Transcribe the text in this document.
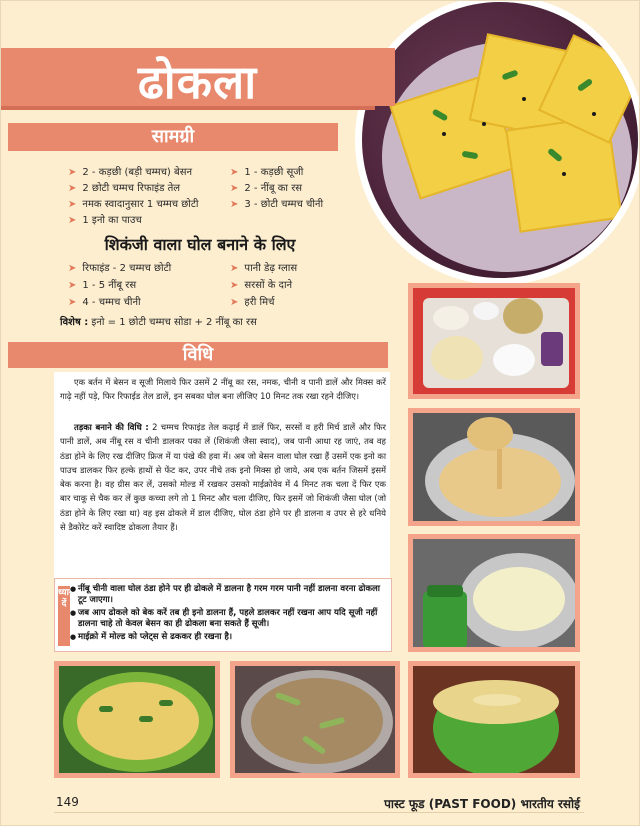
ढोकला
सामग्री
➤ 2 - कड़छी (बड़ी चम्मच) बेसन
➤ 2 छोटी चम्मच रिफाइंड तेल
➤ नमक स्वादानुसार 1 चम्मच छोटी
➤ 1 इनो का पाउच
➤ 1 - कड़छी सूजी
➤ 2 - नींबू का रस
➤ 3 - छोटी चम्मच चीनी
शिकंजी वाला घोल बनाने के लिए
➤ रिफाइंड - 2 चम्मच छोटी
➤ 1 - 5 नींबू रस
➤ 4 - चम्मच चीनी
➤ पानी डेढ़ ग्लास
➤ सरसों के दाने
➤ हरी मिर्च
विशेष : इनो = 1 छोटी चम्मच सोडा + 2 नींबू का रस
विधि
एक बर्तन में बेसन व सूजी मिलाये फिर उसमें 2 नींबू का रस, नमक, चीनी व पानी डालें और मिक्स करें गाढ़े नहीं पड़े, फिर रिफाईड तेल डालें, इन सबका घोल बना लीजिए 10 मिनट तक रखा रहने दीजिए।
तड़का बनाने की विधि : 2 चम्मच रिफाइंड तेल कढ़ाई में डालें फिर, सरसों व हरी मिर्च डालें और फिर पानी डालें, अब नींबू रस व चीनी डालकर पका लें (शिकंजी जैसा स्वाद), जब पानी आधा रह जाएं, तब वह ठंडा होने के लिए रख दीजिए फ्रिज में या पंखे की हवा में। अब जो बेसन वाला घोल रखा हैं उसमें एक इनो का पाउच डालकर फिर हल्के हाथों से फेंट कर, उपर नीचे तक इनो मिक्स हो जाये, अब एक बर्तन जिसमें इसमें बेक करना है। वह ग्रीस कर लें, उसको मोल्ड में रखकर उसको माईक्रोवेव में 4 मिनट तक चला दें फिर एक बार चाकू से चैक कर लें कुछ कच्चा लगे तो 1 मिनट और चला दीजिए, फिर इसमें जो शिकंजी जैसा घोल (जो ठंडा होने के लिए रखा था) वह इस ढोकले में डाल दीजिए, घोल ठंडा होने पर ही डालना व उपर से हरे धनिये से डैकोरेट करें स्वादिष्ट ढोकला तैयार हैं।
ध्यान दें
● नींबू चीनी वाला घोल ठंडा होने पर ही ढोकले में डालना है गरम गरम पानी नहीं डालना वरना ढोकला टूट जाएगा।
● जब आप ढोकले को बेक करें तब ही इनो डालना हैं, पहले डालकर नहीं रखना आप यदि सूजी नहीं डालना चाहे तो केवल बेसन का ही ढोकला बना सकते हैं सूजी।
● माईक्रो में मोल्ड को प्लेट्स से ढककर ही रखना है।
149	पास्ट फूड (PAST FOOD) भारतीय रसोई
